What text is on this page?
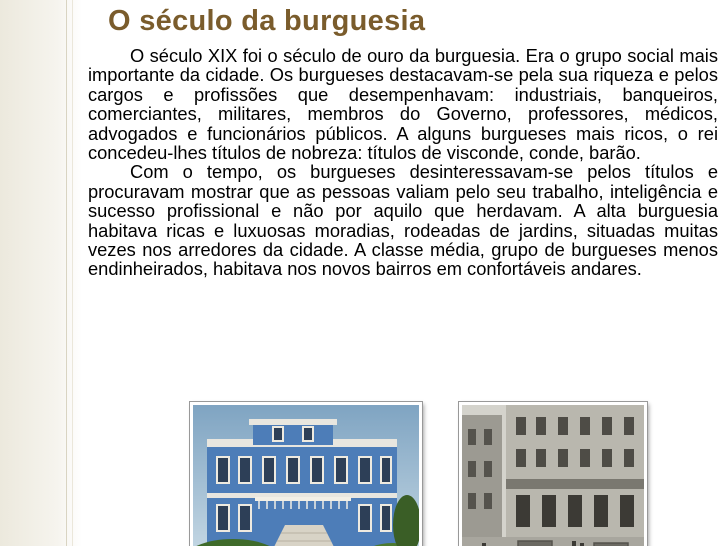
O século da burguesia

O século XIX foi o século de ouro da burguesia. Era o grupo social mais importante da cidade. Os burgueses destacavam-se pela sua riqueza e pelos cargos e profissões que desempenhavam: industriais, banqueiros, comerciantes, militares, membros do Governo, professores, médicos, advogados e funcionários públicos. A alguns burgueses mais ricos, o rei concedeu-lhes títulos de nobreza: títulos de visconde, conde, barão.

Com o tempo, os burgueses desinteressavam-se pelos títulos e procuravam mostrar que as pessoas valiam pelo seu trabalho, inteligência e sucesso profissional e não por aquilo que herdavam. A alta burguesia habitava ricas e luxuosas moradias, rodeadas de jardins, situadas muitas vezes nos arredores da cidade. A classe média, grupo de burgueses menos endinheirados, habitava nos novos bairros em confortáveis andares.
